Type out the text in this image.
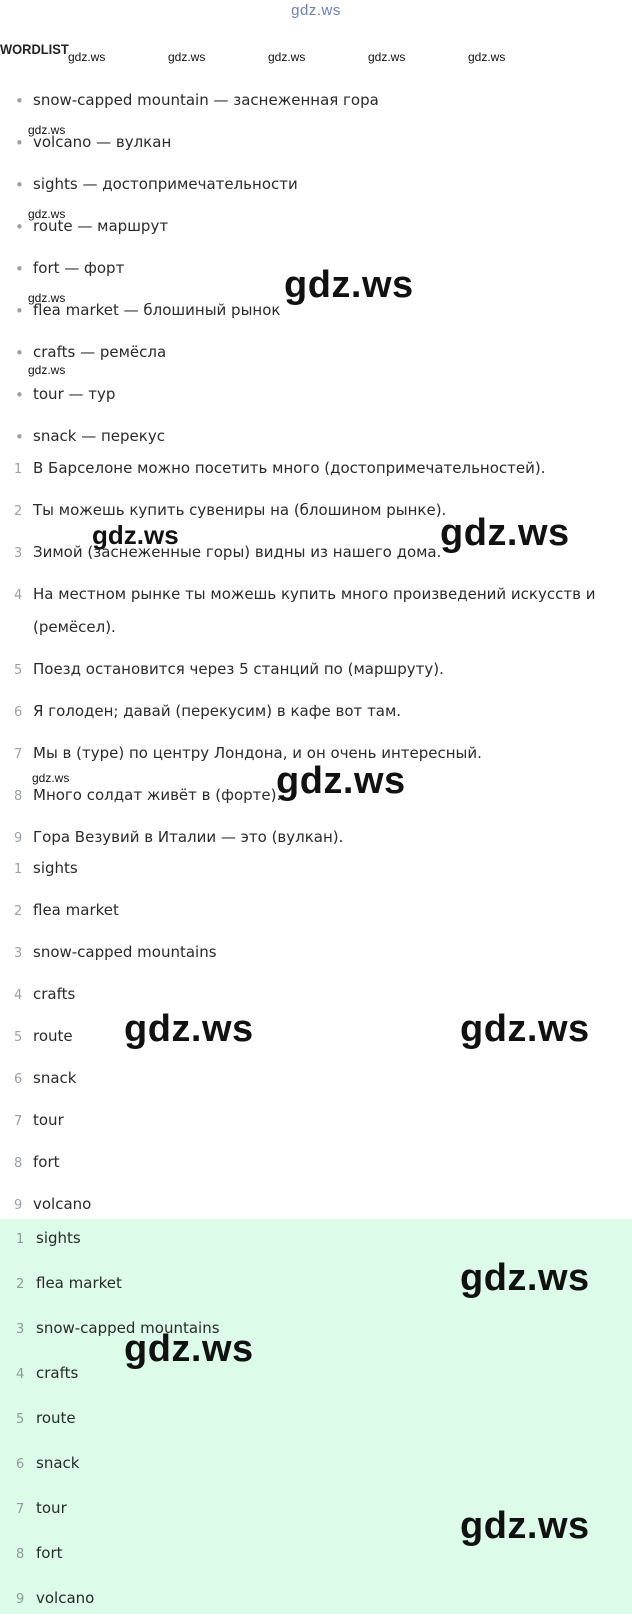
gdz.ws
WORDLIST
• snow-capped mountain — заснеженная гора
• volcano — вулкан
• sights — достопримечательности
• route — маршрут
• fort — форт
• flea market — блошиный рынок
• crafts — ремёсла
• tour — тур
• snack — перекус
1 В Барселоне можно посетить много (достопримечательностей).
2 Ты можешь купить сувениры на (блошином рынке).
3 Зимой (заснеженные горы) видны из нашего дома.
4 На местном рынке ты можешь купить много произведений искусств и
(ремёсел).
5 Поезд остановится через 5 станций по (маршруту).
6 Я голоден; давай (перекусим) в кафе вот там.
7 Мы в (туре) по центру Лондона, и он очень интересный.
8 Много солдат живёт в (форте).
9 Гора Везувий в Италии — это (вулкан).
1 sights
2 flea market
3 snow-capped mountains
4 crafts
5 route
6 snack
7 tour
8 fort
9 volcano
1 sights
2 flea market
3 snow-capped mountains
4 crafts
5 route
6 snack
7 tour
8 fort
9 volcano
gdz.ws	gdz.ws	gdz.ws	gdz.ws	gdz.ws
gdz.ws
gdz.ws
gdz.ws
gdz.ws
gdz.ws
gdz.ws
gdz.ws	gdz.ws
gdz.ws
gdz.ws	gdz.ws
gdz.ws
gdz.ws
gdz.ws
